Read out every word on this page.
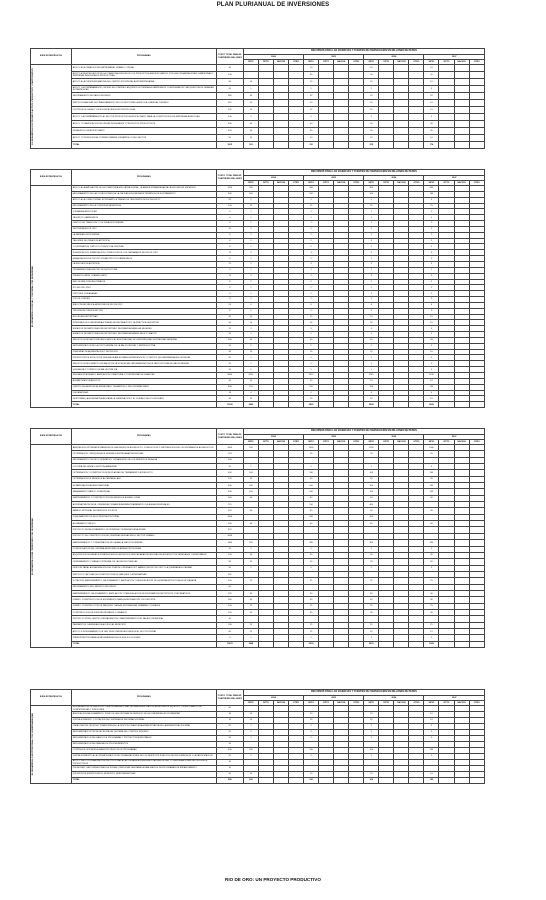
PLAN PLURIANUAL DE INVERSIONES
EJES ESTRATEGICOS	PROGRAMAS	COSTO TOTAL PARA EL CUATRIENIO MILLONES	RECURSOS PARA LAS VIGENCIAS Y FUENTES DE FINANCIACION EN MILLONES DE PESOS															
			2004				2005				2006				2007			
			MPIO	DPTO	NACION	OTRO	MPIO	DPTO	NACION	OTRO	MPIO	DPTO	NACION	OTRO	MPIO	DPTO	NACION	OTRO

EL DESARROLLO ECONOMICO ACTIVO, PRODUCTIVO Y PARTICIPATIVO	APOYO A LA CREACION DE EMPRESARIAL URBANO Y RURAL	40					10				10				10			
	APOYO A IDENTIFICACION DE LA COMERCIALIZACION DE LOS PRODUCTOS AGROPECUARIOS, POR LAS ORGANIZACIONES CAMPESINAS Y EMPRESAS INDIVIDUALES PRODUCTIVAS	140					30				50				50			
	APOYO A LA PUESTA EN MARCHA DEL CENTRO PROVINCIAL AGROEMPRESARIAL	40	10				10				10				10			
	APOYO Y ACOMPAÑAMIENTO, INCIDIR EN COMPRA Y ADQUISICION TIERRAS A CAMPESINOS Y DESPLAZADOS Y ADQUISICION DE GRANJAS ESTRATEGICAS	20	5				5				5				5			
	MEJORAMIENTO DE PASOS BOVINOS	380	35				35				35				35			
	INSTITUCIONALIDAD DE FINANCIAMIENTO DE LOS SECTORES, AGRICOLA, ENERGIA, TURISMO	216	10				10				10				10			
	CULTIVOS DE CACAO, YUCA Y ESPECIES HORTOFRUTICOLAS	131	15				15				15				15			
	APOYO Y ACOMPAÑAMIENTO AL SECTOR PRODUCTIVO AGROPECUARIO PARA LA CONSTITUCION DE EMPRESAS AGRICOLAS	130	5				5				5				5			
	APOYO Y PLANIFICACION DE FINCAS INTEGRALES Y PROYECTOS PRODUCTIVOS	440	30				30				30				30			
	DESARROLLO AGROPECUARIO	450	30				30				30				30			
	APOYO Y PROMOCION AL TURISMO PARA EL DESARROLLO DEL SECTOR	50	10				10				10				10			
	TOTAL	1813	183				210				235				174			
EJES ESTRATEGICOS	PROGRAMAS	COSTO TOTAL PARA EL CUATRIENIO MILLONES	RECURSOS PARA LAS VIGENCIAS Y FUENTES DE FINANCIACION EN MILLONES DE PESOS															
			2004				2005				2006				2007			
			MPIO	DPTO	NACION	OTRO	MPIO	DPTO	NACION	OTRO	MPIO	DPTO	NACION	OTRO	MPIO	DPTO	NACION	OTRO

EL DESARROLLO SOCIAL Y CULTURAL CON SEGURIDAD	APOYO A LA AMPLIACION DE LA COBERTURA EDUCATIVA DIGITAL, LA BASICA PRIMARIA HASTA LA EDUCACION SUPERIOR	1215	300				300				300				300			
	MEJORAMIENTO DE LAS CONDICIONES DE LA CALIDAD EDUCATIVA EN TERMINOS DE EQUIPAMIENTO	640	160				160				160				160			
	APOYO A LA CONECTIVIDAD ESTUDIANTIL A TRAVES DE TELECENTROS NUCLEOS ETC	20	5				5				5				5			
	MEJORAMIENTO DE LA CONVIVENCIA PACIFICA	100	25				25				25				25			
	JORNADAS ARTISTICAS	4	1				1				1				1			
	TALENTOS CAMPESINOS	4	1				1				1				1			
	CENTRO DE TRADICION Y CULTURA RIODORENSE	4	1				1				1				1			
	FESTIVIDADES DE ORO	20	5				5				5				5			
	LA NAVIDAD RIODORENSE	8	2				2				2				2			
	TALLERES DE CREACION ARTISTICA	8	2				2				2				2			
	COORDINACION Y APOYO LOGISTICO AL FESTIVAL	8	2				2				2				2			
	PLANIFICACION, FINANCIACION Y DIRECCION DE LOS CARNAVALES DE RIO DE ORO	12	3				3				3				3			
	FINANCIACION DE PROYECTOS ARTISTICOS CAMPESINOS	8	2				2				2				2			
	LA EDUCACION ARTISTICA	12	3				3				3				3			
	ORGANIZACIONES EN PRO DE LA CULTURA	4	1				1				1				1			
	PREMIO EL ARTE Y PARA EL ARTE	12	3				3				3				3			
	RED DE BIBLIOTECAS RURALES	8	2				2				2				2			
	RIO DE ORO VIVO	8	2				2				2				2			
	VIRTUDES CIUDADANAS	8	2				2				2				2			
	TODOS CORREN	8	2				2				2				2			
	BIBLIOTECA PUBLICA MUNICIPAL DE RIO DE ORO	24	6				6				6				6			
	TELEVISION PUBLICA DE ORO	8	2				2				2				2			
	ESCUELAS DEPORTIVAS	40	10				10				10				10			
	INTEGRACION COMUNITARIA A TRAVES DE RECREACION Y LA PRACTICA DEPORTIVA	64	16				16				16				16			
	ESPACIOS DE PARTICIPACION DEPORTIVA Y RECREATIVA PARA LAS MUJERES	12	3				3				3				3			
	ESPACIOS DE PARTICIPACION DEPORTIVA Y RECREATIVA PARA EL ADULTO MAYOR	20	5				5				5				5			
	REDUCCION DE FACTORES ASOCIADOS A LA MORTALIDAD DE LA MORBILIDAD MORTALIDAD MATERNA	160	40				40				40				40			
	IMPLEMENTACION DE LA POLITICA MPAL DE LA SALUD SEXUAL Y REPRODUCTIVA	20	5				5				5				5			
	PLAN MPAL DE ALIMENTACION Y NUTRICION	40	10				10				10				10			
	PROMOCION DE ESTILOS DE VIDA SALUDABLES PARA LA PREVENCION Y CONTROL DE ENFERMEDADES CRONICAS	20	5				5				5				5			
	REDUCCION DEL IMPACTO EN SALUD DE LA VIOLENCIA E IMPLEMENTACION DE LAS POLITICAS DE SALUD MENTAL	20	5				5				5				5			
	VIGILANCIA Y CONTROL EN SALUD PUBLICA	20	5				5				5				5			
	REGIMEN SUBSIDIADO: AMPLIACION COBERTURA Y CONTINUIDAD DE LA AFILIAC	8060	2015				2015				2015				2015			
	ALFABETIZACION ADULTOS	40	10				10				10				10			
	CENTRO DE ASISTENCIA, BIENESTAR Y DESARROLLO DEL DISCAPACITADO	600	150				150				150				150			
	DISCAPACIDAD	16	4				4				4				4			
	GESTIONAR LA ALTERNATIVIDAD PARA LA SUBSIDIACION Y EL CUIDADO DEL PLUSCIDADO	40	10				10				10				10			
	TOTAL	11300	2825				2825				2825				2825			
EJES ESTRATEGICOS	PROGRAMAS	COSTO TOTAL PARA EL CUATRIENIO MILLONES	RECURSOS PARA LAS VIGENCIAS Y FUENTES DE FINANCIACION EN MILLONES DE PESOS															
			2004				2005				2006				2007			
			MPIO	DPTO	NACION	OTRO	MPIO	DPTO	NACION	OTRO	MPIO	DPTO	NACION	OTRO	MPIO	DPTO	NACION	OTRO

EL DESARROLLO DEL TERRITORIO CON SEGURIDAD	AMPLIACION OPTIMIZAR EXPANSION DE LAS REDES DE ACUEDUCTO, CONDUCCION Y DISTRIBUCION DE LOS SISTEMAS DE ACUEDUCTOS	4900	700				1000				1100				1000			
	OPTIMIZACION Y BUSQUEDA DE NUEVAS FUENTES ABASTECEDORAS	163					50				50				50			
	MEJORAMIENTO TECNICO OPERATIVO Y FINANCIERO DE LOS SERVICIOS DE AGUA	100																
	CULTURA DEL AGUA Y GESTION AMBIENTAL	20	5				5				5				5			
	OPTIMIZACION Y CONSTRUCCION DE PLANTAS DE TRATAMIENTO ACUEDUCTO	600	100				100				100				100			
	OPTIMIZACION DE REDES DE ALCANTARILLADO	120	30				30				30				30			
	ESTABILIZACION ACEA ZONA RURAL	400	100				100				100				100			
	SANEAMIENTO BASICO ZONA RURAL	600	150				150				150				150			
	MANTENIMIENTO Y CONSTRUCCION DE REDES DE AGUAS LLUVIA	160	40				40				40				40			
	ALTERNATIVA TECNICA, OPERATIVA Y FINANCIERA PARA TRATAMIENTO DE AGUAS RESIDUALES	715					150				400							
	MANEJO INTEGRAL DE RESIDUOS SOLIDOS	150	30				30				30				30			
	PLAN MAESTRO DE ELECTRIFICACION RURAL	1500					100				300							
	ALUMBRADO PUBLICO	160	40				40				40				40			
	PROYECTO DE MEJORAMIENTO DE VIVIENDA Y VIVIENDA NUEVA RURAL	470																
	PROYECTO DE CONSTRUCCION DE VIVIENDAS NUEVAS EN EL SECTOR URBANO	1000																
	MANTENIMIENTO Y CONSERVACION DE LA MALLA VIAL RIODORENSE	1400	350				350				350				350			
	CONSOLIDACION DEL SISTEMA MUNICIPAL DE AREAS PROTEGIDAS	20	5				5				5				5			
	ADQUISICION DE AREAS ESTRATEGICAS EN LAS MICROCUENCAS ABASTECEDORAS DE ACUEDUCTOS VEREDALES Y MUNICIPALES	120	30				30				30				30			
	ORDENAMIENTO Y MANEJO INTEGRAL DE LAS MICROCUENCAS	80	20				20				20				20			
	GESTION PARA LA ELABORACION DEL PLAN DE ORDENACION Y MANEJO DE RIO DE ORO Y LA QUEBRADA EL PALMAR	20	5				5				5				5			
	INSTITUTO Y APOYAR LA CONSTRUCCION DE PARQUES Y ALTERNATIVAS	265																
	DOTACION, MANTENIMIENTO, MEJORAMIENTO, AMPLIACION Y REMODELACION DE LA INFRAESTRUCTURA HOSPITALARIA	100	25				25				25				25			
	MEJORAMIENTO DEL SERVICIO DEL RIEGO	60																
	MANTENIMIENTO, MEJORAMIENTO, AMPLIACION Y REMODELACION DE ESCENARIOS DEPORTIVOS Y RECREATIVOS	120	30				30				30				30			
	DISEÑO, CONSTRUCCION DE ESCENARIOS PARA LA RECREACION Y EL DEPORTE	160	40				40				40				40			
	DISEÑO, CONSTRUCCION DE PARQUES Y AREAS RECREATIVAS URBANAS Y RURALES	100	25				25				25				25			
	CONSTRUCCION DE PUENTES RURALES Y URBANOS	120	30				30				30				30			
	PROYECTO ROBO CASTRO: RESTAURACION Y MANTENIMIENTO DEL PALACIO MUNICIPAL	30																
	PAVIMENTOS Y AVENIDAS DE ACCESO AL MUNICIPIO	100	25				25				25				25			
	APOYO E INTEGRAMIENTO DE LAS TELECOMUNICACIONES EN EL SECTOR RURAL	60	15				15				15				15			
	PRESUPUESTOS PARA LA IMPLEMENTACION DE SUS SOLUCIONES	8	2				2				2				2			
	TOTAL	11401	1808				2200				2870				1909			
EJES ESTRATEGICOS	PROGRAMAS	COSTO TOTAL PARA EL CUATRIENIO MILLONES	RECURSOS PARA LAS VIGENCIAS Y FUENTES DE FINANCIACION EN MILLONES DE PESOS															
			2004				2005				2006				2007			
			MPIO	DPTO	NACION	OTRO	MPIO	DPTO	NACION	OTRO	MPIO	DPTO	NACION	OTRO	MPIO	DPTO	NACION	OTRO

EL DESARROLLO INSTITUCIONAL CON GOBERNABILIDAD	RESTAURACION DE LA ESTRUCTURA ORGANIZACIONAL DE LA ADMINISTRACION MUNICIPAL DE EQUIPOS, Y NUEVO MARCO DE COMPETENCIAS Y FUNCIONES	60																
	ADECUACION MEJORAMIENTO TOTAL DE LAS OFICINAS DE SERVICIO DE LA COMUNIDAD A DOCUMENTAR	40	10				10				10				10			
	FORTALECIMIENTO Y DOTACION DEL SISTEMA DE INFORMACION MPAL	70	20				20				20				10			
	CAPACITACION TECNICA Y FINANCIERA DE LA GESTION FINANCIERA ADMINISTRATIVA DE LA ADMINISTRACION MPAL	20	5				5				5				5			
	IMPLEMENTACION TECNICA PROPIA DEL SISTEMA DEL CONTROL INTERNO	20	5				5				5				5			
	IMPLEMENTACION DEL BANCO DE PROGRAMAS Y PROYECTOS MUNICIPALES	20	5				5				5				5			
	IMPLEMENTACION DEL MANUAL DE PROCEDIMIENTOS	10																
	CONTINUOS OFICIALES A RANGOS PUBLICOS DE PROGRAMAS	400	100				100				100				100			
	FORTALECIMIENTO A LA OPERATIVIZACION DE ORGANIZACIONES DE LOS SERVICIOS PUBLICOS DE SUS DERECHOS Y LA PARTICIPACION	20	5				5				5				5			
	APOYO INSTITUCIONALIZACION INSTITUCIONAL A LAS ORGANIZACIONES ASOCIATIVAS DE LAS Y CONFORMACIONES DE PROCESOS PRODUCTIVOS	10																
	PROMOVER Y AUTORIZACIONES DE RUDAS COMPLETAR LAS PARA LA REALIZACION DE PROGRAMAS DE ESPARCIMIENTO	10																
	DIFUSION DE EVENTOS EN EL MUNICIPIO, NUESTRA ENTIDAD	40	10				10				10				10			
	TOTAL	580	160				160				160				150			
RIO DE ORO: UN PROYECTO PRODUCTIVO
